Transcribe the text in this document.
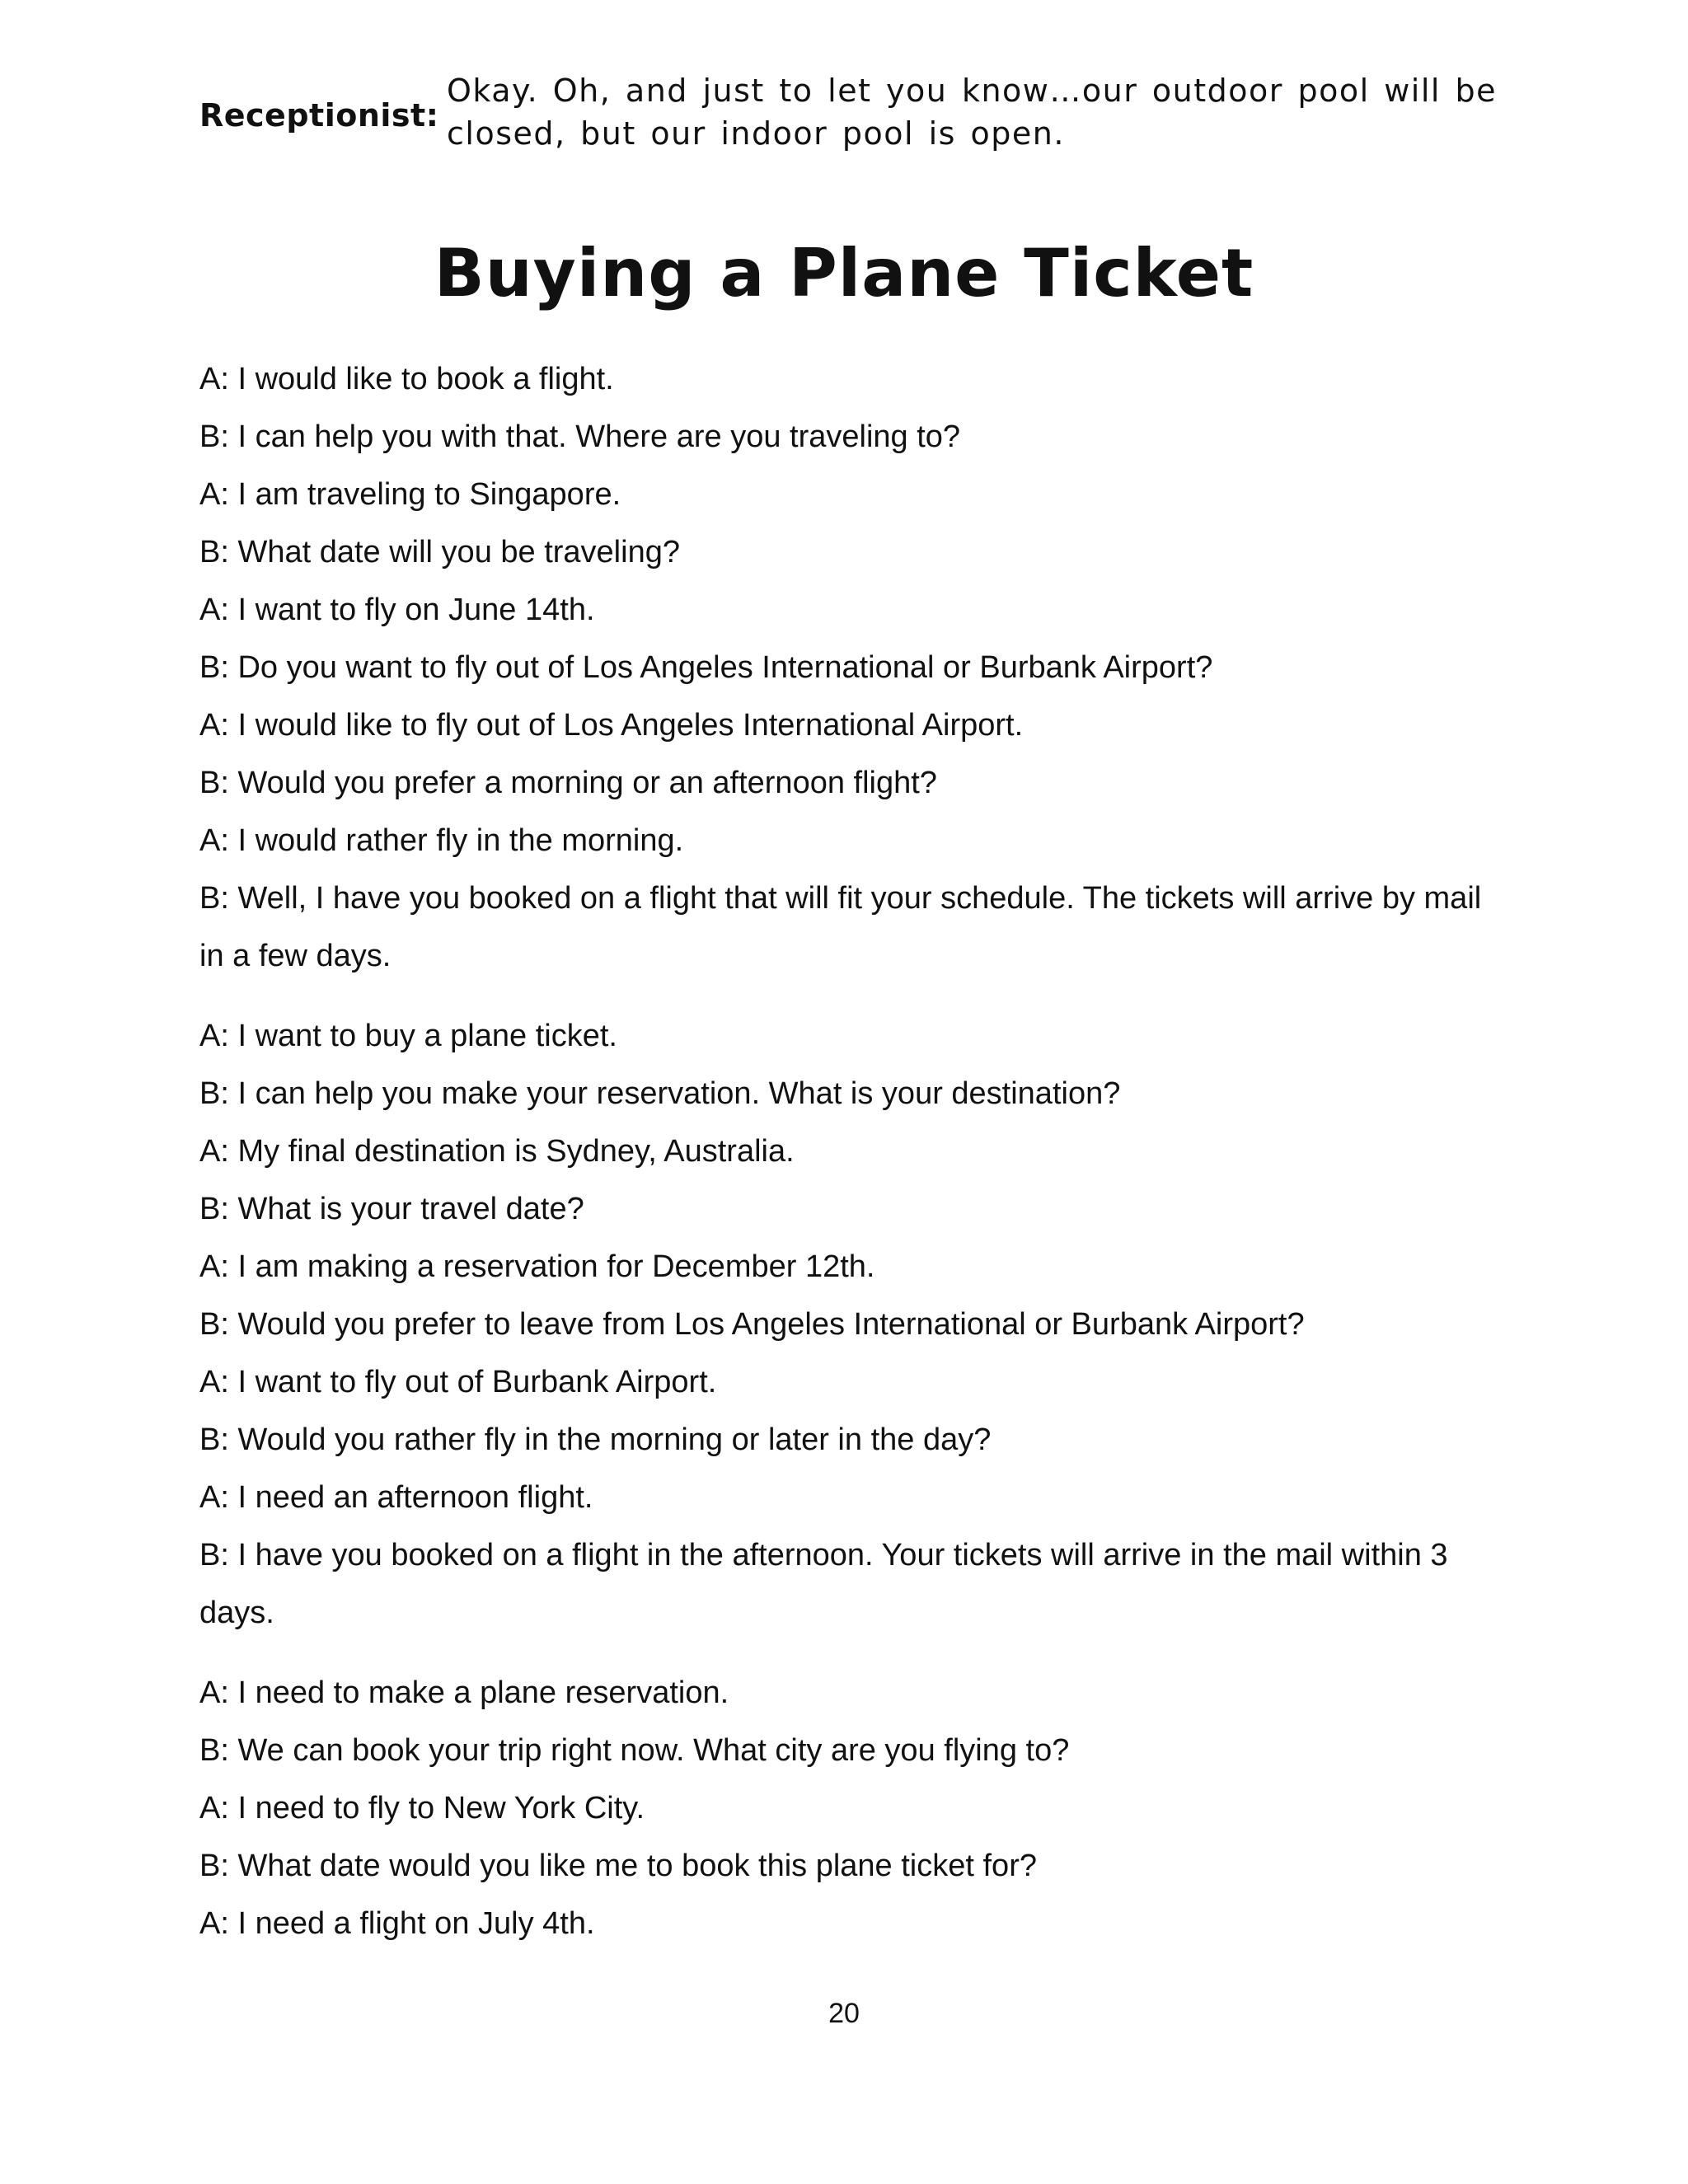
Receptionist:
Okay. Oh, and just to let you know…our outdoor pool will be closed, but our indoor pool is open.
Buying a Plane Ticket
A: I would like to book a flight.
B: I can help you with that. Where are you traveling to?
A: I am traveling to Singapore.
B: What date will you be traveling?
A: I want to fly on June 14th.
B: Do you want to fly out of Los Angeles International or Burbank Airport?
A: I would like to fly out of Los Angeles International Airport.
B: Would you prefer a morning or an afternoon flight?
A: I would rather fly in the morning.
B: Well, I have you booked on a flight that will fit your schedule. The tickets will arrive by mail in a few days.
A: I want to buy a plane ticket.
B: I can help you make your reservation. What is your destination?
A: My final destination is Sydney, Australia.
B: What is your travel date?
A: I am making a reservation for December 12th.
B: Would you prefer to leave from Los Angeles International or Burbank Airport?
A: I want to fly out of Burbank Airport.
B: Would you rather fly in the morning or later in the day?
A: I need an afternoon flight.
B: I have you booked on a flight in the afternoon. Your tickets will arrive in the mail within 3 days.
A: I need to make a plane reservation.
B: We can book your trip right now. What city are you flying to?
A: I need to fly to New York City.
B: What date would you like me to book this plane ticket for?
A: I need a flight on July 4th.
20
